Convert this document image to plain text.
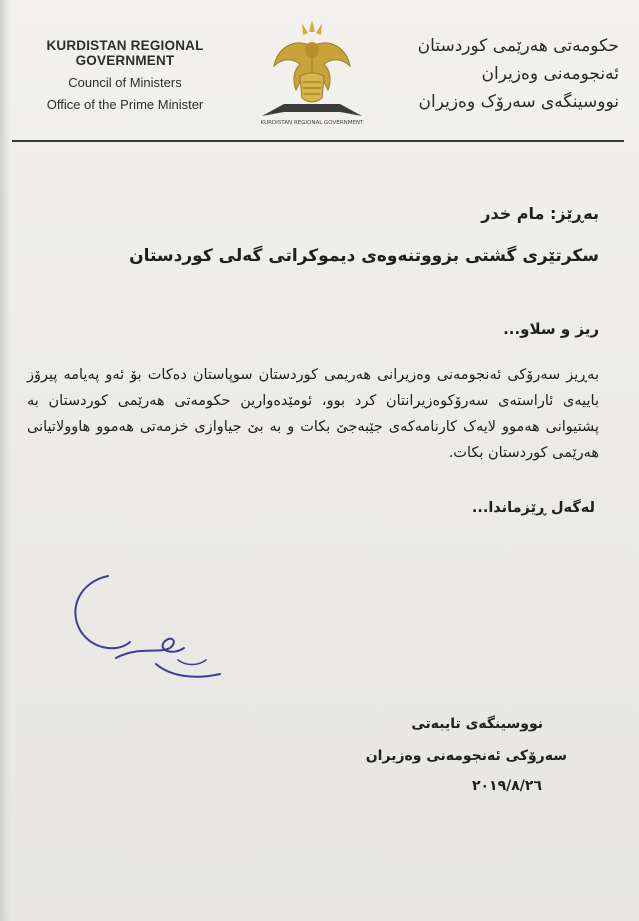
KURDISTAN REGIONAL GOVERNMENT
Council of Ministers
Office of the Prime Minister
KURDISTAN REGIONAL GOVERNMENT
حکومەتی هەرێمی کوردستان
ئەنجومەنی وەزیران
نووسینگەی سەرۆک وەزیران
بەڕێز: مام خدر
سکرتێری گشتی بزووتنەوەی دیموکراتی گەلی کوردستان
ریز و سلاو...
بەڕیز سەرۆکی ئەنجومەنی وەزیرانی هەریمی کوردستان سوپاستان دەکات بۆ ئەو پەیامە پیرۆز باییەی ئاراستەی سەرۆکوەزیرانتان کرد بوو، ئومێدەوارین حکومەتی هەرێمی کوردستان بە پشتیوانی هەموو لایەک کارنامەکەی جێبەجێ بکات و بە بێ جیاوازی خزمەتی هەموو هاوولاتیانی هەرێمی کوردستان بکات.
لەگەل ڕێزماندا...
نووسینگەی تایبەتی
سەرۆکی ئەنجومەنی وەزیران
٢٠١٩/٨/٢٦
